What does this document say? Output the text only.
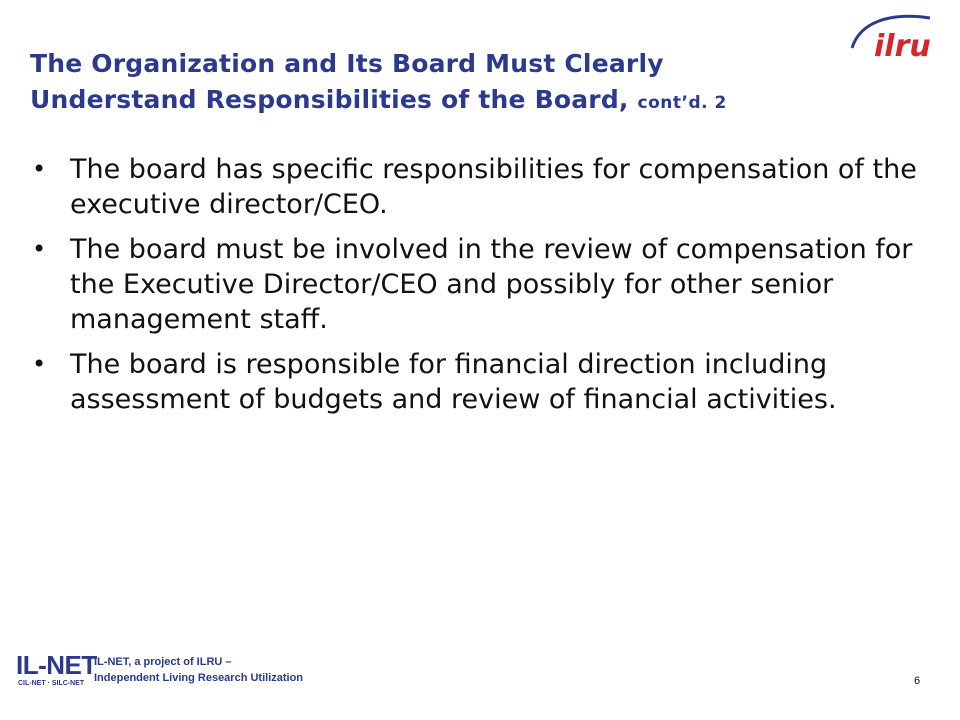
ilru
The Organization and Its Board Must Clearly
Understand Responsibilities of the Board, cont’d. 2
• The board has specific responsibilities for compensation of the executive director/CEO.
• The board must be involved in the review of compensation for the Executive Director/CEO and possibly for other senior management staff.
• The board is responsible for financial direction including assessment of budgets and review of financial activities.
IL-NET
CIL-NET · SILC-NET
IL-NET, a project of ILRU –
Independent Living Research Utilization	6
